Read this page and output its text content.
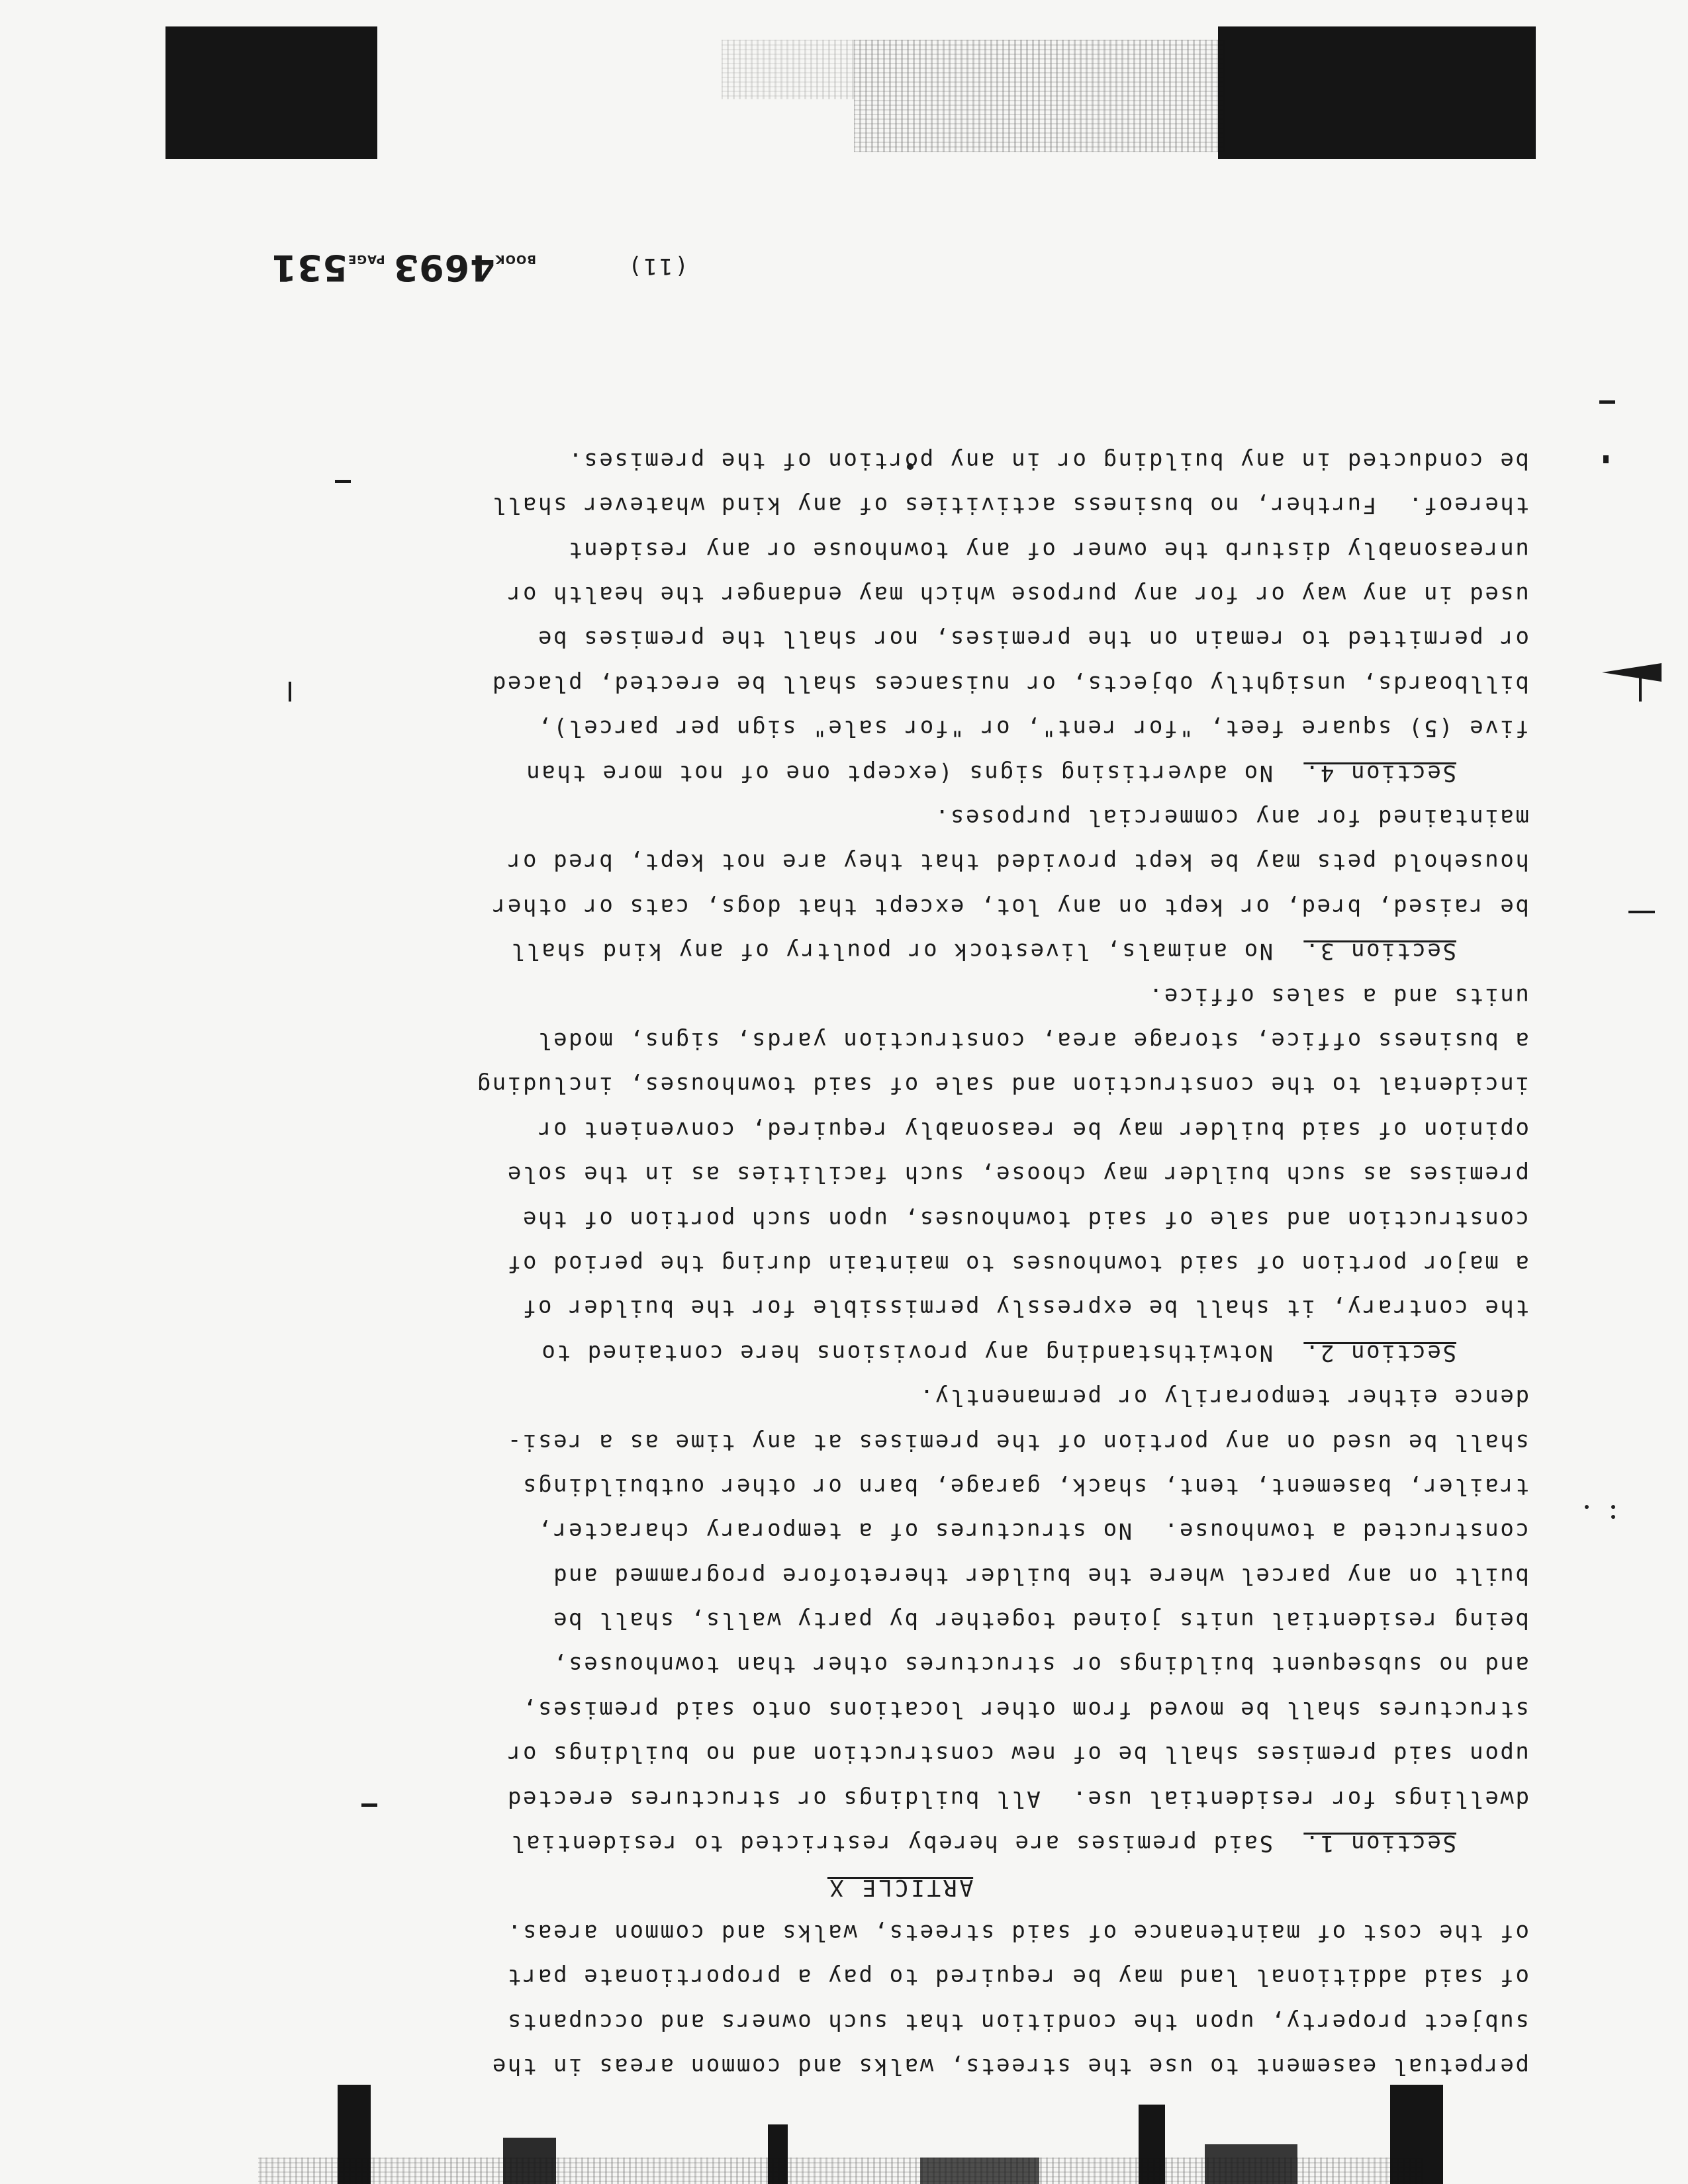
perpetual easement to use the streets, walks and common areas in the
subject property, upon the condition that such owners and occupants
of said additional land may be required to pay a proportionate part
of the cost of maintenance of said streets, walks and common areas.
ARTICLE X
Section 1.  Said premises are hereby restricted to residential
dwellings for residential use.  All buildings or structures erected
upon said premises shall be of new construction and no buildings or
structures shall be moved from other locations onto said premises,
and no subsequent buildings or structures other than townhouses,
being residential units joined together by party walls, shall be
built on any parcel where the builder theretofore programmed and
constructed a townhouse.  No structures of a temporary character,
trailer, basement, tent, shack, garage, barn or other outbuildings
shall be used on any portion of the premises at any time as a resi-
dence either temporarily or permanently.
Section 2.  Notwithstanding any provisions here contained to
the contrary, it shall be expressly permissible for the builder of
a major portion of said townhouses to maintain during the period of
construction and sale of said townhouses, upon such portion of the
premises as such builder may choose, such facilities as in the sole
opinion of said builder may be reasonably required, convenient or
incidental to the construction and sale of said townhouses, including
a business office, storage area, construction yards, signs, model
units and a sales office.
Section 3.  No animals, livestock or poultry of any kind shall
be raised, bred, or kept on any lot, except that dogs, cats or other
household pets may be kept provided that they are not kept, bred or
maintained for any commercial purposes.
Section 4.  No advertising signs (except one of not more than
five (5) square feet, "for rent", or "for sale" sign per parcel),
billboards, unsightly objects, or nuisances shall be erected, placed
or permitted to remain on the premises, nor shall the premises be
used in any way or for any purpose which may endanger the health or
unreasonably disturb the owner of any townhouse or any resident
thereof.  Further, no business activities of any kind whatever shall
be conducted in any building or in any portion of the premises.

(11)

BOOK4693 PAGE531
